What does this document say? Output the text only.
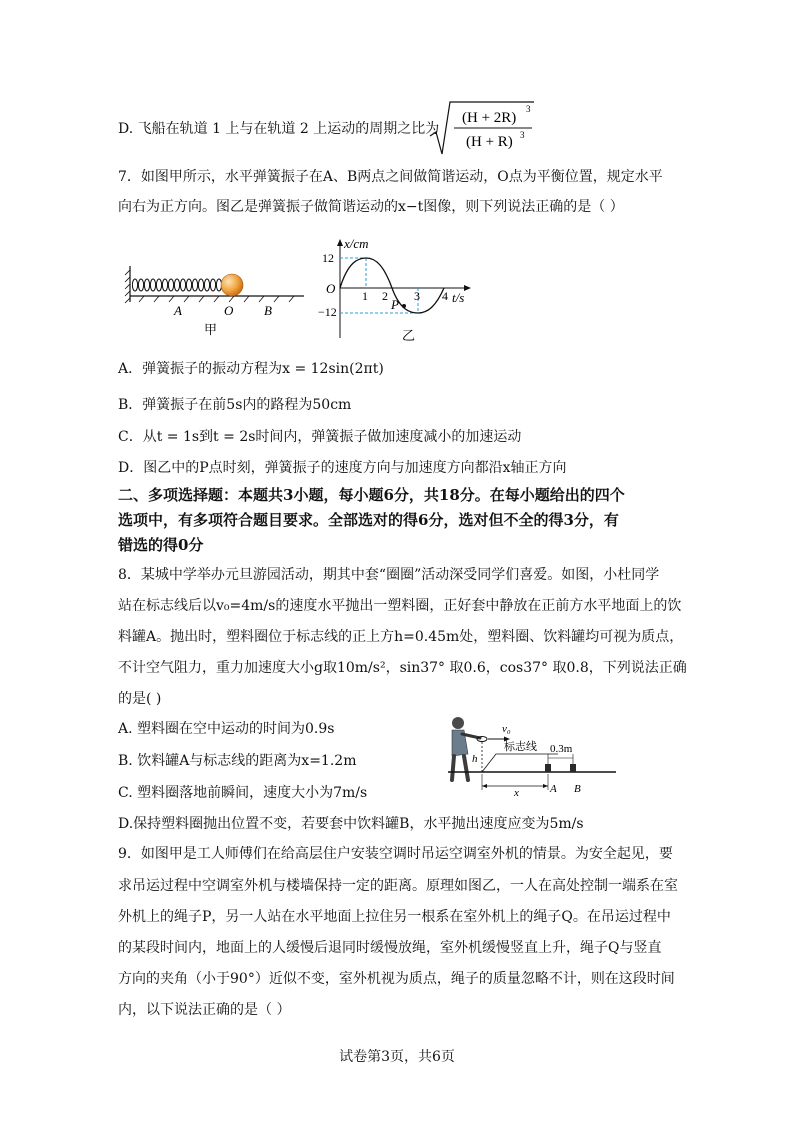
D. 飞船在轨道 1 上与在轨道 2 上运动的周期之比为
(H + 2R)
3
(H + R) 3
7．如图甲所示，水平弹簧振子在A、B两点之间做简谐运动，O点为平衡位置，规定水平
向右为正方向。图乙是弹簧振子做简谐运动的x−t图像，则下列说法正确的是（ ）
A	O B
甲
x/cm
t/s
O
12
−12
1 2 3 4
P
乙
A．弹簧振子的振动方程为x = 12sin(2πt)
B．弹簧振子在前5s内的路程为50cm
C．从t = 1s到t = 2s时间内，弹簧振子做加速度减小的加速运动
D．图乙中的P点时刻，弹簧振子的速度方向与加速度方向都沿x轴正方向
二、多项选择题：本题共3小题，每小题6分，共18分。在每小题给出的四个
选项中，有多项符合题目要求。全部选对的得6分，选对但不全的得3分，有
错选的得0分
8．某城中学举办元旦游园活动，期其中套“圈圈”活动深受同学们喜爱。如图，小杜同学
站在标志线后以v₀=4m/s的速度水平抛出一塑料圈，正好套中静放在正前方水平地面上的饮
料罐A。抛出时，塑料圈位于标志线的正上方h=0.45m处，塑料圈、饮料罐均可视为质点，
不计空气阻力，重力加速度大小g取10m/s²，sin37° 取0.6，cos37° 取0.8，下列说法正确
的是( )
A. 塑料圈在空中运动的时间为0.9s
B. 饮料罐A与标志线的距离为x=1.2m
C. 塑料圈落地前瞬间，速度大小为7m/s
D.保持塑料圈抛出位置不变，若要套中饮料罐B，水平抛出速度应变为5m/s
v₀
h
标志线 0.3m
x	A B
9．如图甲是工人师傅们在给高层住户安装空调时吊运空调室外机的情景。为安全起见，要
求吊运过程中空调室外机与楼墙保持一定的距离。原理如图乙，一人在高处控制一端系在室
外机上的绳子P，另一人站在水平地面上拉住另一根系在室外机上的绳子Q。在吊运过程中
的某段时间内，地面上的人缓慢后退同时缓慢放绳，室外机缓慢竖直上升，绳子Q与竖直
方向的夹角（小于90°）近似不变，室外机视为质点，绳子的质量忽略不计，则在这段时间
内，以下说法正确的是（ ）
试卷第3页，共6页
